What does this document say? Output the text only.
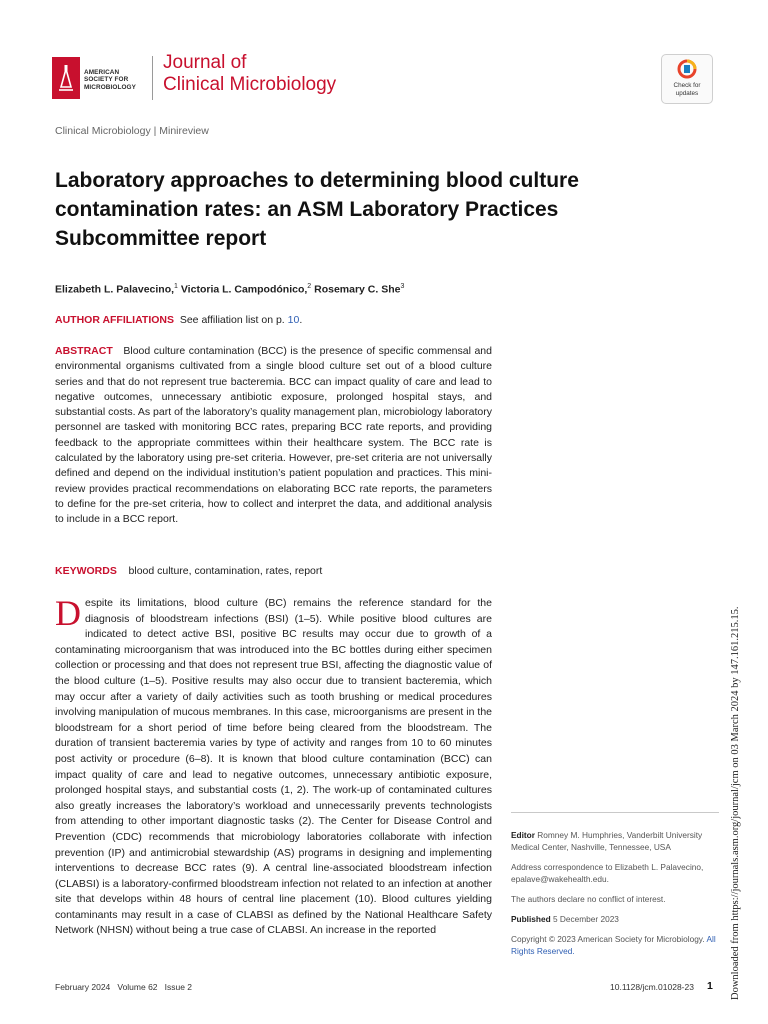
AMERICAN
SOCIETY FOR
MICROBIOLOGY
Journal of
Clinical Microbiology	Check for
updates
Clinical Microbiology | Minireview
Laboratory approaches to determining blood culture contamination rates: an ASM Laboratory Practices Subcommittee report
Elizabeth L. Palavecino,$^1$ Victoria L. Campodónico,$^2$ Rosemary C. She$^3$
AUTHOR AFFILIATIONS See affiliation list on p. 10.
ABSTRACT Blood culture contamination (BCC) is the presence of specific commensal and environmental organisms cultivated from a single blood culture set out of a blood culture series and that do not represent true bacteremia. BCC can impact quality of care and lead to negative outcomes, unnecessary antibiotic exposure, prolonged hospital stays, and substantial costs. As part of the laboratory’s quality management plan, microbiology laboratory personnel are tasked with monitoring BCC rates, preparing BCC rate reports, and providing feedback to the appropriate committees within their healthcare system. The BCC rate is calculated by the laboratory using pre-set criteria. However, pre-set criteria are not universally defined and depend on the individual institution’s patient population and practices. This mini-review provides practical recommendations on elaborating BCC rate reports, the parameters to define for the pre-set criteria, how to collect and interpret the data, and additional analysis to include in a BCC report.
KEYWORDS blood culture, contamination, rates, report
Despite its limitations, blood culture (BC) remains the reference standard for the diagnosis of bloodstream infections (BSI) (1–5). While positive blood cultures are indicated to detect active BSI, positive BC results may occur due to growth of a contaminating microorganism that was introduced into the BC bottles during either specimen collection or processing and that does not represent true BSI, affecting the diagnostic value of the blood culture (1–5). Positive results may also occur due to transient bacteremia, which may occur after a variety of daily activities such as tooth brushing or medical procedures involving manipulation of mucous membranes. In this case, microorganisms are present in the bloodstream for a short period of time before being cleared from the bloodstream. The duration of transient bacteremia varies by type of activity and ranges from 10 to 60 minutes post activity or procedure (6–8). It is known that blood culture contamination (BCC) can impact quality of care and lead to negative outcomes, unnecessary antibiotic exposure, prolonged hospital stays, and substantial costs (1, 2). The work-up of contaminated cultures also greatly increases the laboratory’s workload and unnecessarily prevents technologists from attending to other important diagnostic tasks (2). The Center for Disease Control and Prevention (CDC) recommends that microbiology laboratories collaborate with infection prevention (IP) and antimicrobial stewardship (AS) programs in designing and implementing interventions to decrease BCC rates (9). A central line-associated bloodstream infection (CLABSI) is a laboratory-confirmed bloodstream infection not related to an infection at another site that develops within 48 hours of central line placement (10). Blood cultures yielding contaminants may result in a case of CLABSI as defined by the National Healthcare Safety Network (NHSN) without being a true case of CLABSI. An increase in the reported

Editor Romney M. Humphries, Vanderbilt University Medical Center, Nashville, Tennessee, USA

Address correspondence to Elizabeth L. Palavecino, epalave@wakehealth.edu.

The authors declare no conflict of interest.

Published 5 December 2023

Copyright © 2023 American Society for Microbiology. All Rights Reserved.	Downloaded from https://journals.asm.org/journal/jcm on 03 March 2024 by 147.161.215.15.
February 2024   Volume 62   Issue 2	10.1128/jcm.01028-23 1
